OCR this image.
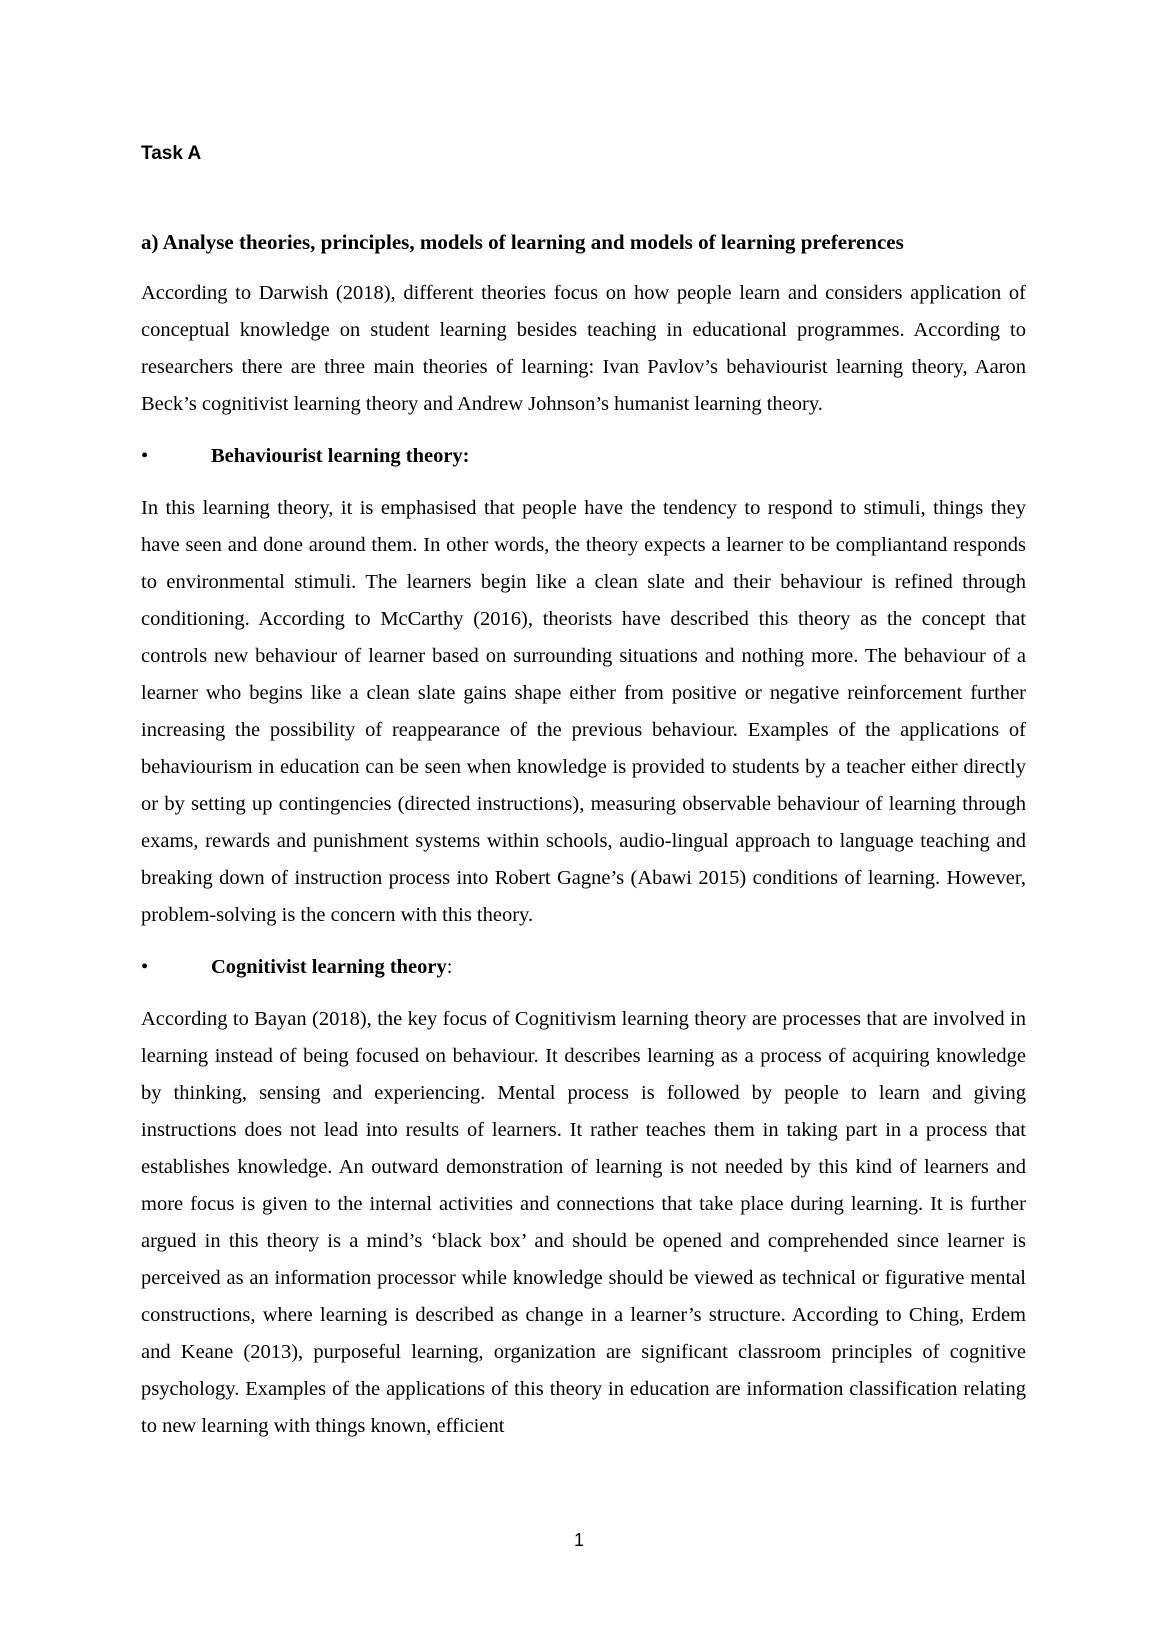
Task A
a) Analyse theories, principles, models of learning and models of learning preferences

According to Darwish (2018), different theories focus on how people learn and considers application of conceptual knowledge on student learning besides teaching in educational programmes. According to researchers there are three main theories of learning: Ivan Pavlov’s behaviourist learning theory, Aaron Beck’s cognitivist learning theory and Andrew Johnson’s humanist learning theory.

•	Behaviourist learning theory:

In this learning theory, it is emphasised that people have the tendency to respond to stimuli, things they have seen and done around them. In other words, the theory expects a learner to be compliantand responds to environmental stimuli. The learners begin like a clean slate and their behaviour is refined through conditioning. According to McCarthy (2016), theorists have described this theory as the concept that controls new behaviour of learner based on surrounding situations and nothing more. The behaviour of a learner who begins like a clean slate gains shape either from positive or negative reinforcement further increasing the possibility of reappearance of the previous behaviour. Examples of the applications of behaviourism in education can be seen when knowledge is provided to students by a teacher either directly or by setting up contingencies (directed instructions), measuring observable behaviour of learning through exams, rewards and punishment systems within schools, audio-lingual approach to language teaching and breaking down of instruction process into Robert Gagne’s (Abawi 2015) conditions of learning. However, problem-solving is the concern with this theory.

•	Cognitivist learning theory:

According to Bayan (2018), the key focus of Cognitivism learning theory are processes that are involved in learning instead of being focused on behaviour. It describes learning as a process of acquiring knowledge by thinking, sensing and experiencing. Mental process is followed by people to learn and giving instructions does not lead into results of learners. It rather teaches them in taking part in a process that establishes knowledge. An outward demonstration of learning is not needed by this kind of learners and more focus is given to the internal activities and connections that take place during learning. It is further argued in this theory is a mind’s ‘black box’ and should be opened and comprehended since learner is perceived as an information processor while knowledge should be viewed as technical or figurative mental constructions, where learning is described as change in a learner’s structure. According to Ching, Erdem and Keane (2013), purposeful learning, organization are significant classroom principles of cognitive psychology. Examples of the applications of this theory in education are information classification relating to new learning with things known, efficient

1
